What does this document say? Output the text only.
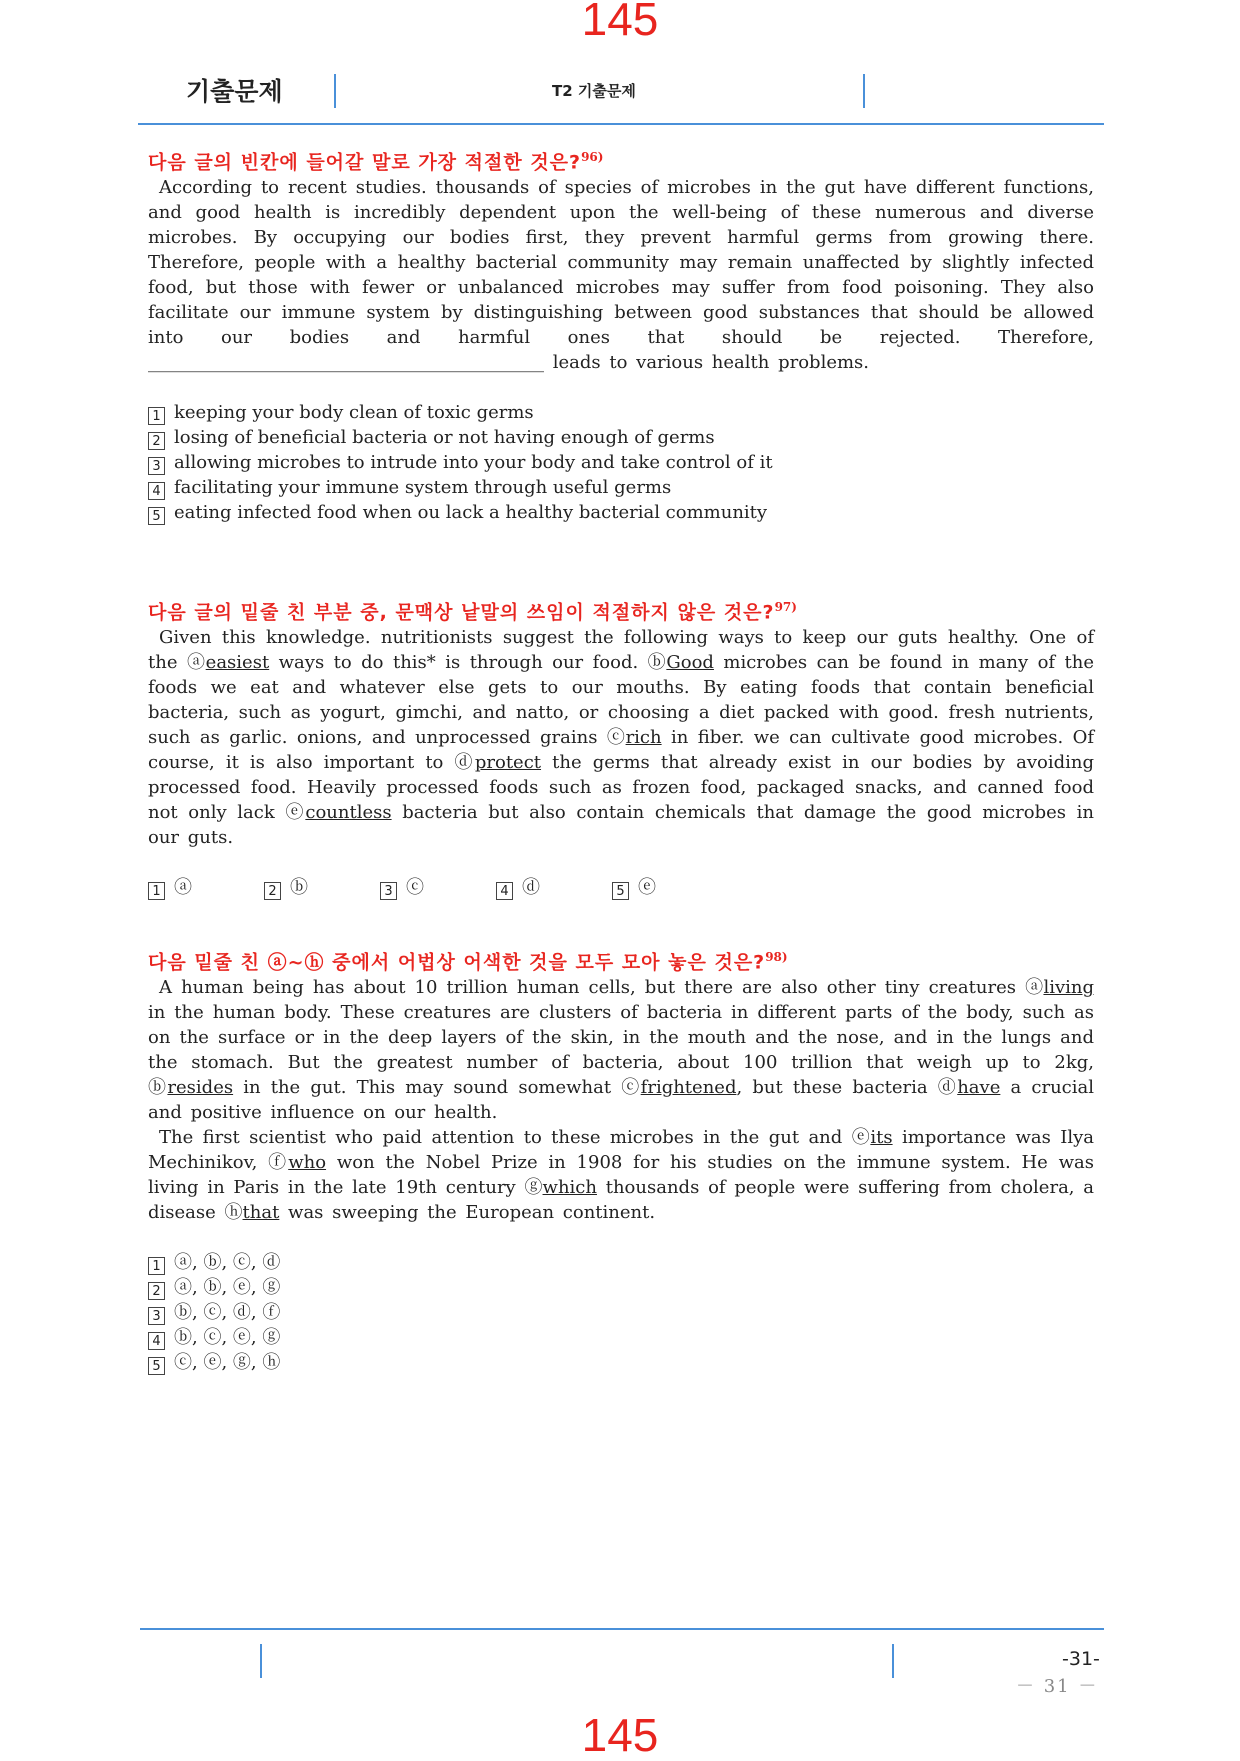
145
기출문제	T2 기출문제
다음 글의 빈칸에 들어갈 말로 가장 적절한 것은?$^{96)}$

According to recent studies. thousands of species of microbes in the gut have different functions, and good health is incredibly dependent upon the well-being of these numerous and diverse microbes. By occupying our bodies first, they prevent harmful germs from growing there. Therefore, people with a healthy bacterial community may remain unaffected by slightly infected food, but those with fewer or unbalanced microbes may suffer from food poisoning. They also facilitate our immune system by distinguishing between good substances that should be allowed into our bodies and harmful ones that should be rejected. Therefore, ____________________________________________ leads to various health problems.

1 keeping your body clean of toxic germs
2 losing of beneficial bacteria or not having enough of germs
3 allowing microbes to intrude into your body and take control of it
4 facilitating your immune system through useful germs
5 eating infected food when ou lack a healthy bacterial community
다음 글의 밑줄 친 부분 중, 문맥상 낱말의 쓰임이 적절하지 않은 것은?$^{97)}$

Given this knowledge. nutritionists suggest the following ways to keep our guts healthy. One of the ⓐeasiest ways to do this* is through our food. ⓑGood microbes can be found in many of the foods we eat and whatever else gets to our mouths. By eating foods that contain beneficial bacteria, such as yogurt, gimchi, and natto, or choosing a diet packed with good. fresh nutrients, such as garlic. onions, and unprocessed grains ⓒrich in fiber. we can cultivate good microbes. Of course, it is also important to ⓓprotect the germs that already exist in our bodies by avoiding processed food. Heavily processed foods such as frozen food, packaged snacks, and canned food not only lack ⓔcountless bacteria but also contain chemicals that damage the good microbes in our guts.

1 ⓐ	2 ⓑ	3 ⓒ	4 ⓓ	5 ⓔ
다음 밑줄 친 ⓐ~ⓗ 중에서 어법상 어색한 것을 모두 모아 놓은 것은?$^{98)}$

A human being has about 10 trillion human cells, but there are also other tiny creatures ⓐliving in the human body. These creatures are clusters of bacteria in different parts of the body, such as on the surface or in the deep layers of the skin, in the mouth and the nose, and in the lungs and the stomach. But the greatest number of bacteria, about 100 trillion that weigh up to 2kg, ⓑresides in the gut. This may sound somewhat ⓒfrightened, but these bacteria ⓓhave a crucial and positive influence on our health.

The first scientist who paid attention to these microbes in the gut and ⓔits importance was Ilya Mechinikov, ⓕwho won the Nobel Prize in 1908 for his studies on the immune system. He was living in Paris in the late 19th century ⓖwhich thousands of people were suffering from cholera, a disease ⓗthat was sweeping the European continent.

1 ⓐ, ⓑ, ⓒ, ⓓ
2 ⓐ, ⓑ, ⓔ, ⓖ
3 ⓑ, ⓒ, ⓓ, ⓕ
4 ⓑ, ⓒ, ⓔ, ⓖ
5 ⓒ, ⓔ, ⓖ, ⓗ
-31-
－ 31 －
145
